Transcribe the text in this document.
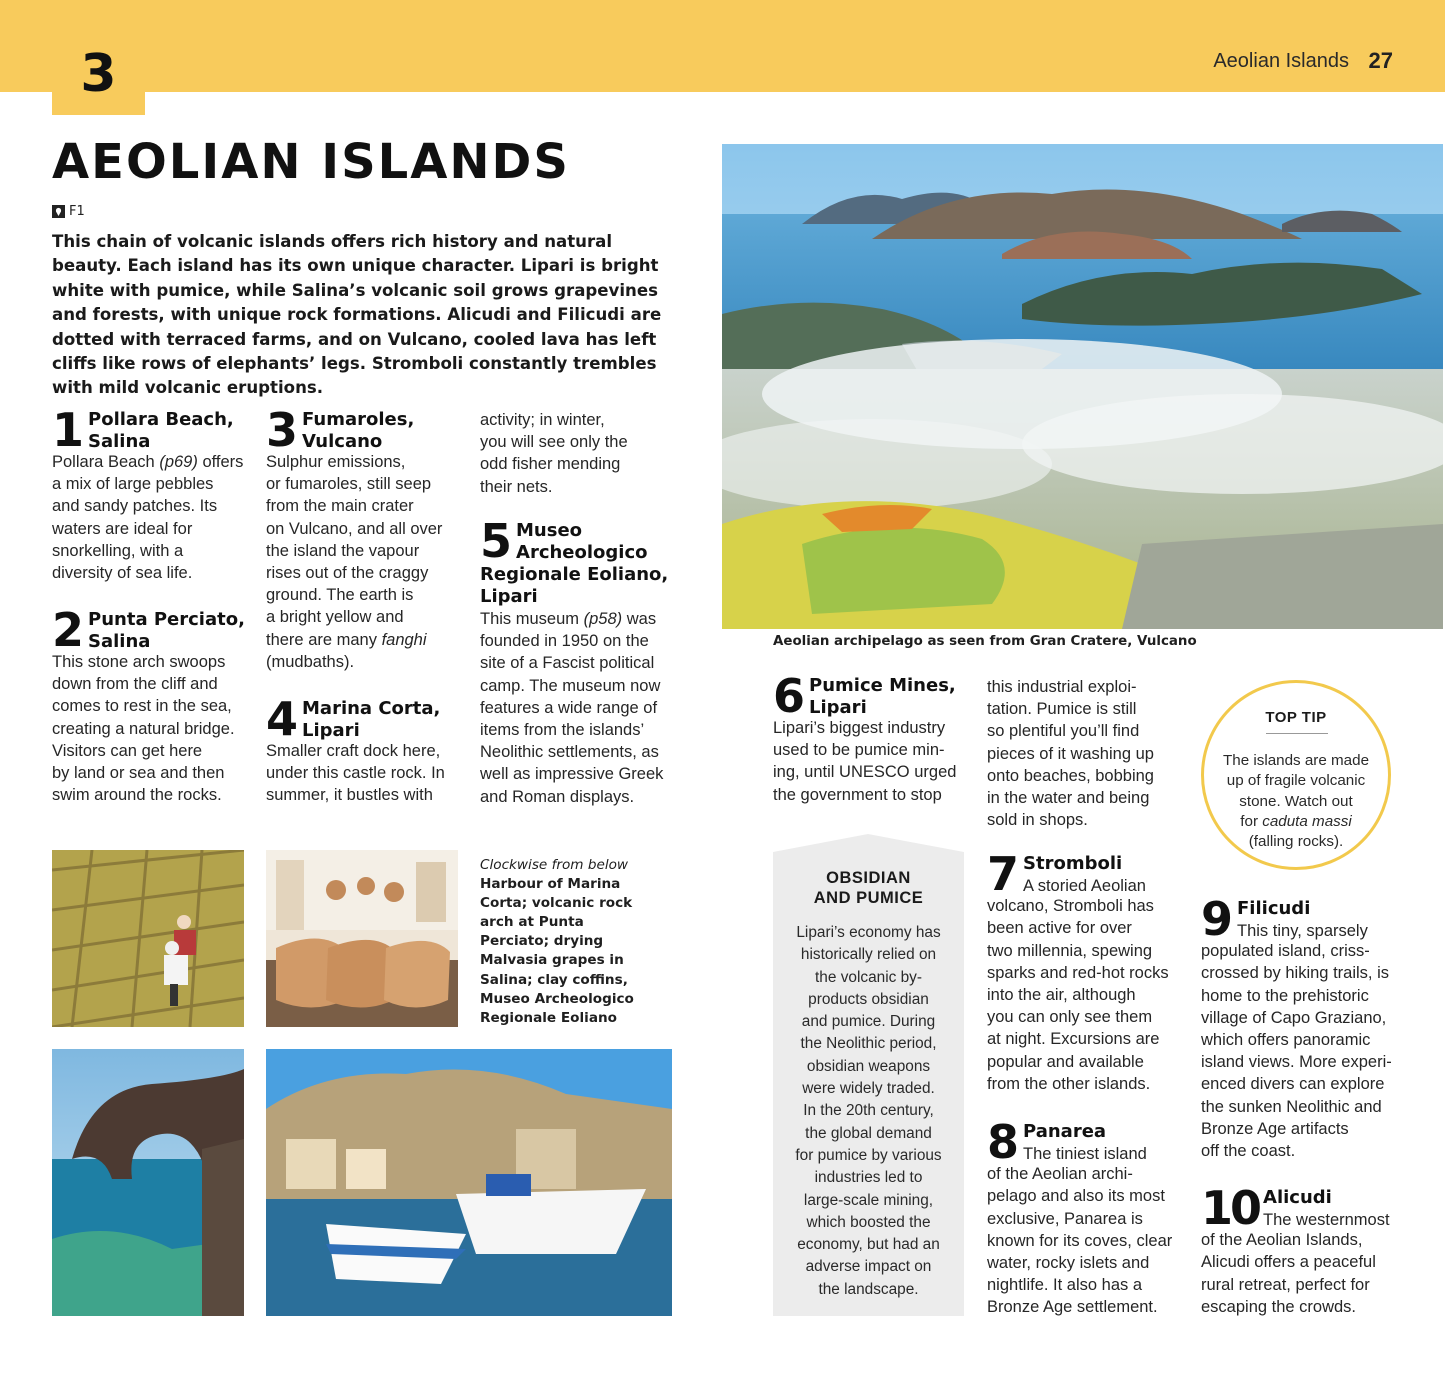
3	Aeolian Islands 27
AEOLIAN ISLANDS
F1

This chain of volcanic islands offers rich history and natural beauty. Each island has its own unique character. Lipari is bright white with pumice, while Salina’s volcanic soil grows grapevines and forests, with unique rock formations. Alicudi and Filicudi are dotted with terraced farms, and on Vulcano, cooled lava has left cliffs like rows of elephants’ legs. Stromboli constantly trembles with mild volcanic eruptions.

1 Pollara Beach,
Salina
Pollara Beach (p69) offers
a mix of large pebbles
and sandy patches. Its
waters are ideal for
snorkelling, with a
diversity of sea life.
2 Punta Perciato,
Salina
This stone arch swoops
down from the cliff and
comes to rest in the sea,
creating a natural bridge.
Visitors can get here
by land or sea and then
swim around the rocks.
3 Fumaroles,
Vulcano
Sulphur emissions,
or fumaroles, still seep
from the main crater
on Vulcano, and all over
the island the vapour
rises out of the craggy
ground. The earth is
a bright yellow and
there are many fanghi
(mudbaths).
4 Marina Corta,
Lipari
Smaller craft dock here,
under this castle rock. In
summer, it bustles with
activity; in winter,
you will see only the
odd fisher mending
their nets.
5 Museo
Archeologico
Regionale Eoliano,
Lipari
This museum (p58) was
founded in 1950 on the
site of a Fascist political
camp. The museum now
features a wide range of
items from the islands’
Neolithic settlements, as
well as impressive Greek
and Roman displays.
Clockwise from below
Harbour of Marina
Corta; volcanic rock
arch at Punta
Perciato; drying
Malvasia grapes in
Salina; clay coffins,
Museo Archeologico
Regionale Eoliano
Aeolian archipelago as seen from Gran Cratere, Vulcano
6 Pumice Mines,
Lipari
Lipari’s biggest industry
used to be pumice min-
ing, until UNESCO urged
the government to stop
this industrial exploi-
tation. Pumice is still
so plentiful you’ll find
pieces of it washing up
onto beaches, bobbing
in the water and being
sold in shops.
OBSIDIAN
AND PUMICE

Lipari’s economy has
historically relied on
the volcanic by-
products obsidian
and pumice. During
the Neolithic period,
obsidian weapons
were widely traded.
In the 20th century,
the global demand
for pumice by various
industries led to
large-scale mining,
which boosted the
economy, but had an
adverse impact on
the landscape.

7 Stromboli
A storied Aeolian
volcano, Stromboli has
been active for over
two millennia, spewing
sparks and red-hot rocks
into the air, although
you can only see them
at night. Excursions are
popular and available
from the other islands.
8 Panarea
The tiniest island
of the Aeolian archi-
pelago and also its most
exclusive, Panarea is
known for its coves, clear
water, rocky islets and
nightlife. It also has a
Bronze Age settlement.
TOP TIP

The islands are made
up of fragile volcanic
stone. Watch out
for caduta massi
(falling rocks).

9 Filicudi
This tiny, sparsely
populated island, criss-
crossed by hiking trails, is
home to the prehistoric
village of Capo Graziano,
which offers panoramic
island views. More experi-
enced divers can explore
the sunken Neolithic and
Bronze Age artifacts
off the coast.
10 Alicudi
The westernmost
of the Aeolian Islands,
Alicudi offers a peaceful
rural retreat, perfect for
escaping the crowds.
